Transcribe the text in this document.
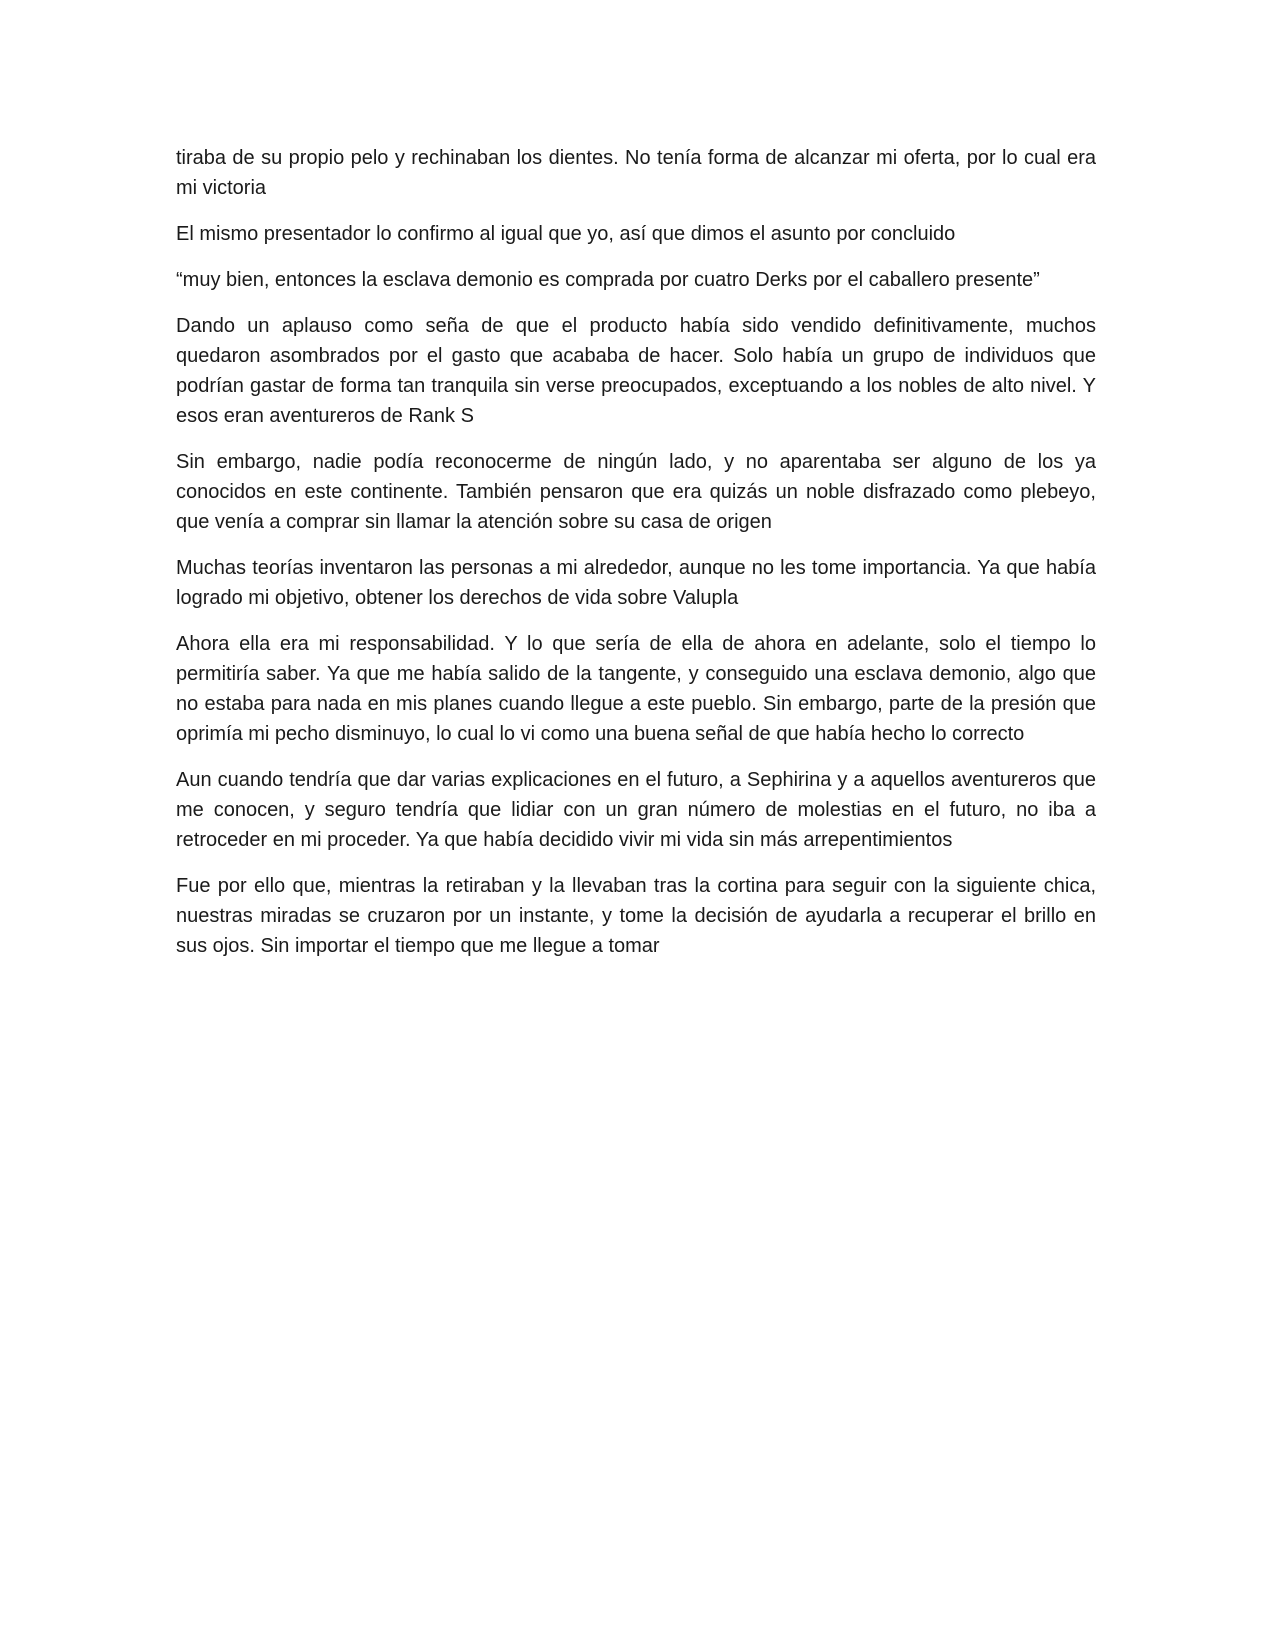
tiraba de su propio pelo y rechinaban los dientes. No tenía forma de alcanzar mi oferta, por lo cual era mi victoria

El mismo presentador lo confirmo al igual que yo, así que dimos el asunto por concluido

“muy bien, entonces la esclava demonio es comprada por cuatro Derks por el caballero presente”

Dando un aplauso como seña de que el producto había sido vendido definitivamente, muchos quedaron asombrados por el gasto que acababa de hacer. Solo había un grupo de individuos que podrían gastar de forma tan tranquila sin verse preocupados, exceptuando a los nobles de alto nivel. Y esos eran aventureros de Rank S

Sin embargo, nadie podía reconocerme de ningún lado, y no aparentaba ser alguno de los ya conocidos en este continente. También pensaron que era quizás un noble disfrazado como plebeyo, que venía a comprar sin llamar la atención sobre su casa de origen

Muchas teorías inventaron las personas a mi alrededor, aunque no les tome importancia. Ya que había logrado mi objetivo, obtener los derechos de vida sobre Valupla

Ahora ella era mi responsabilidad. Y lo que sería de ella de ahora en adelante, solo el tiempo lo permitiría saber. Ya que me había salido de la tangente, y conseguido una esclava demonio, algo que no estaba para nada en mis planes cuando llegue a este pueblo. Sin embargo, parte de la presión que oprimía mi pecho disminuyo, lo cual lo vi como una buena señal de que había hecho lo correcto

Aun cuando tendría que dar varias explicaciones en el futuro, a Sephirina y a aquellos aventureros que me conocen, y seguro tendría que lidiar con un gran número de molestias en el futuro, no iba a retroceder en mi proceder. Ya que había decidido vivir mi vida sin más arrepentimientos

Fue por ello que, mientras la retiraban y la llevaban tras la cortina para seguir con la siguiente chica, nuestras miradas se cruzaron por un instante, y tome la decisión de ayudarla a recuperar el brillo en sus ojos. Sin importar el tiempo que me llegue a tomar
